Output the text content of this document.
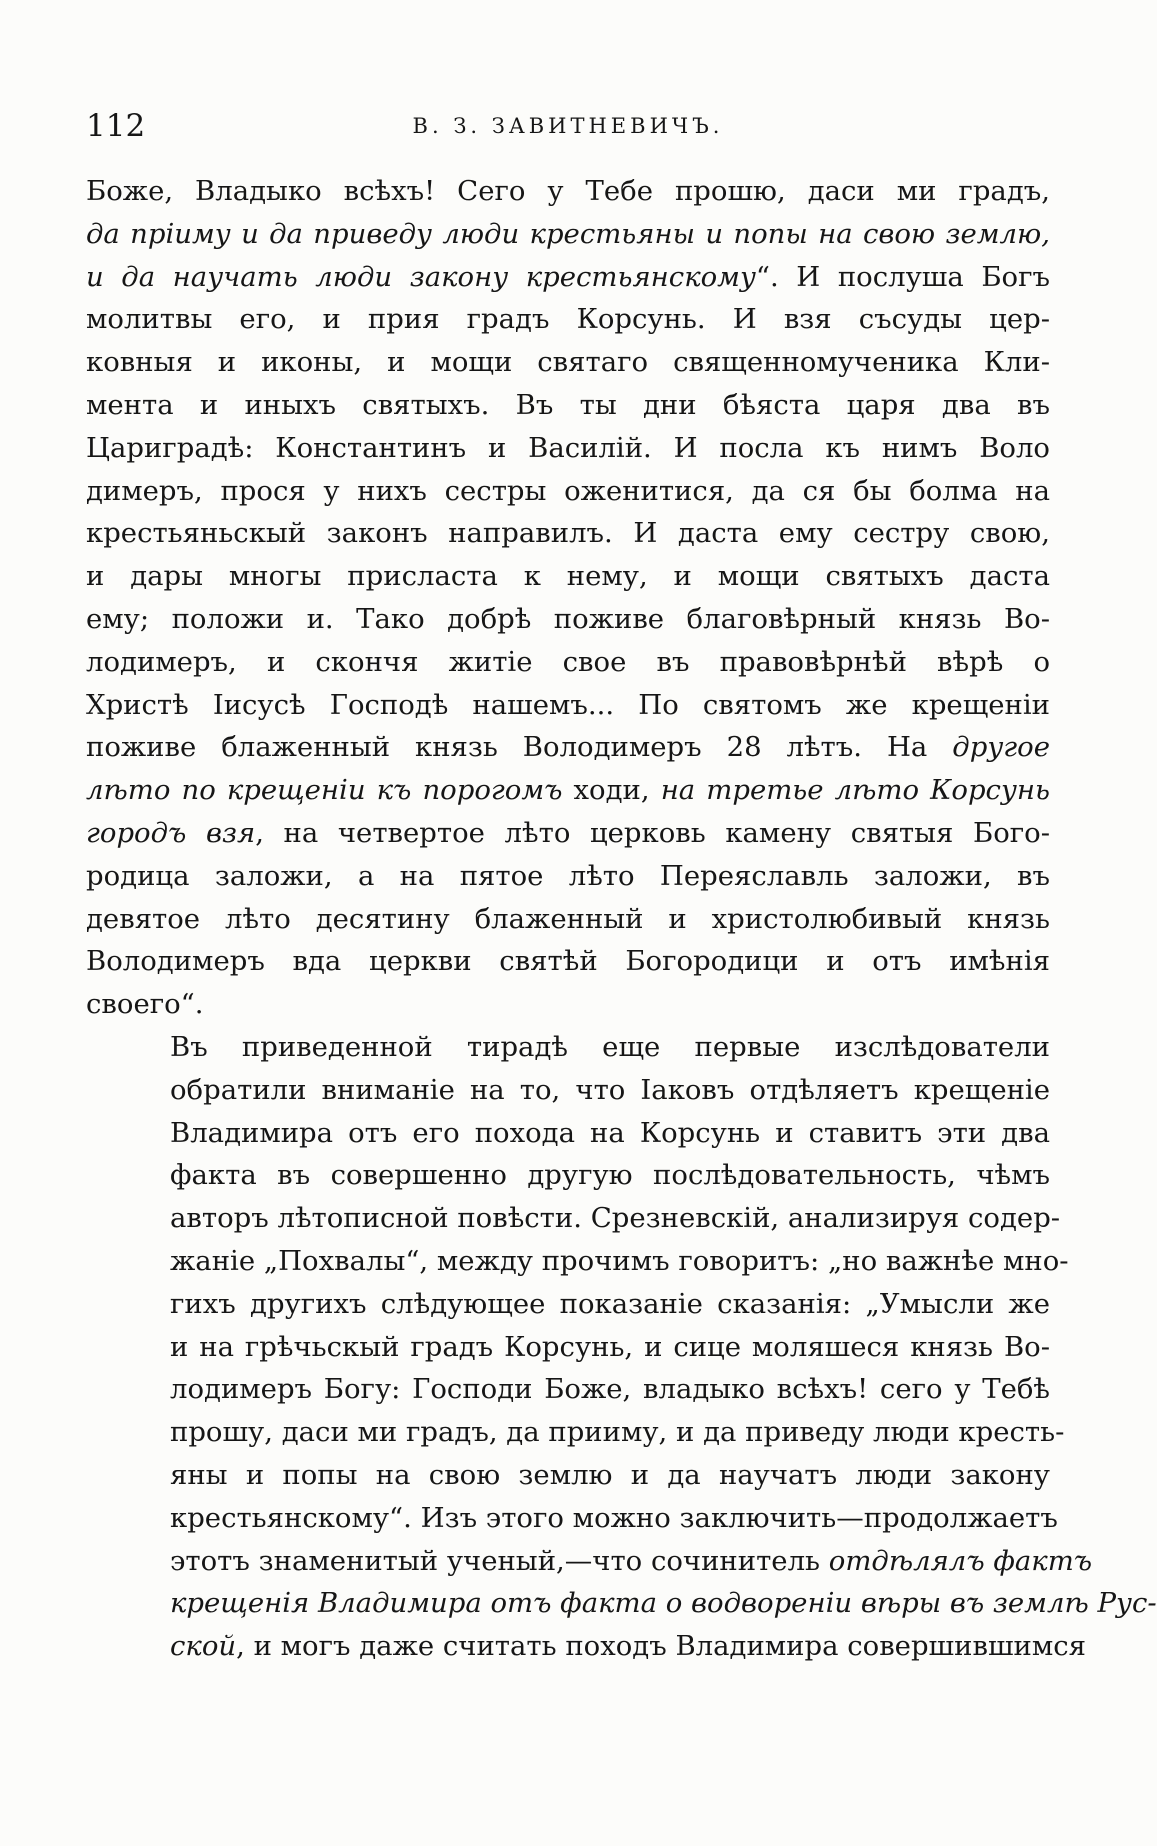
112	В. З. ЗАВИТНЕВИЧЪ.

Боже, Владыко всѣхъ! Сего у Тебе прошю, даси ми градъ,
да пріиму и да приведу люди крестьяны и попы на свою землю,
и да научать люди закону крестьянскому“. И послуша Богъ
молитвы его, и прия градъ Корсунь. И взя съсуды цер-
ковныя и иконы, и мощи святаго священномученика Кли-
мента и иныхъ святыхъ. Въ ты дни бѣяста царя два въ
Цариградѣ: Константинъ и Василій. И посла къ нимъ Воло
димеръ, прося у нихъ сестры оженитися, да ся бы болма на
крестьяньскый законъ направилъ. И даста ему сестру свою,
и дары многы присласта к нему, и мощи святыхъ даста
ему; положи и. Тако добрѣ поживе благовѣрный князь Во-
лодимеръ, и скончя житіе свое въ правовѣрнѣй вѣрѣ о
Христѣ Іисусѣ Господѣ нашемъ... По святомъ же крещеніи
поживе блаженный князь Володимеръ 28 лѣтъ. На другое
лѣто по крещеніи къ порогомъ ходи, на третье лѣто Корсунь
городъ взя, на четвертое лѣто церковь камену святыя Бого-
родица заложи, а на пятое лѣто Переяславль заложи, въ
девятое лѣто десятину блаженный и христолюбивый князь
Володимеръ вда церкви святѣй Богородици и отъ имѣнія
своего“.

Въ приведенной тирадѣ еще первые изслѣдователи
обратили вниманіе на то, что Іаковъ отдѣляетъ крещеніе
Владимира отъ его похода на Корсунь и ставитъ эти два
факта въ совершенно другую послѣдовательность, чѣмъ
авторъ лѣтописной повѣсти. Срезневскій, анализируя содер-
жаніе „Похвалы“, между прочимъ говоритъ: „но важнѣе мно-
гихъ другихъ слѣдующее показаніе сказанія: „Умысли же
и на грѣчьскый градъ Корсунь, и сице моляшеся князь Во-
лодимеръ Богу: Господи Боже, владыко всѣхъ! сего у Тебѣ
прошу, даси ми градъ, да прииму, и да приведу люди кресть-
яны и попы на свою землю и да научатъ люди закону
крестьянскому“. Изъ этого можно заключить—продолжаетъ
этотъ знаменитый ученый,—что сочинитель отдѣлялъ фактъ
крещенія Владимира отъ факта о водвореніи вѣры въ землѣ Рус-
ской, и могъ даже считать походъ Владимира совершившимся
